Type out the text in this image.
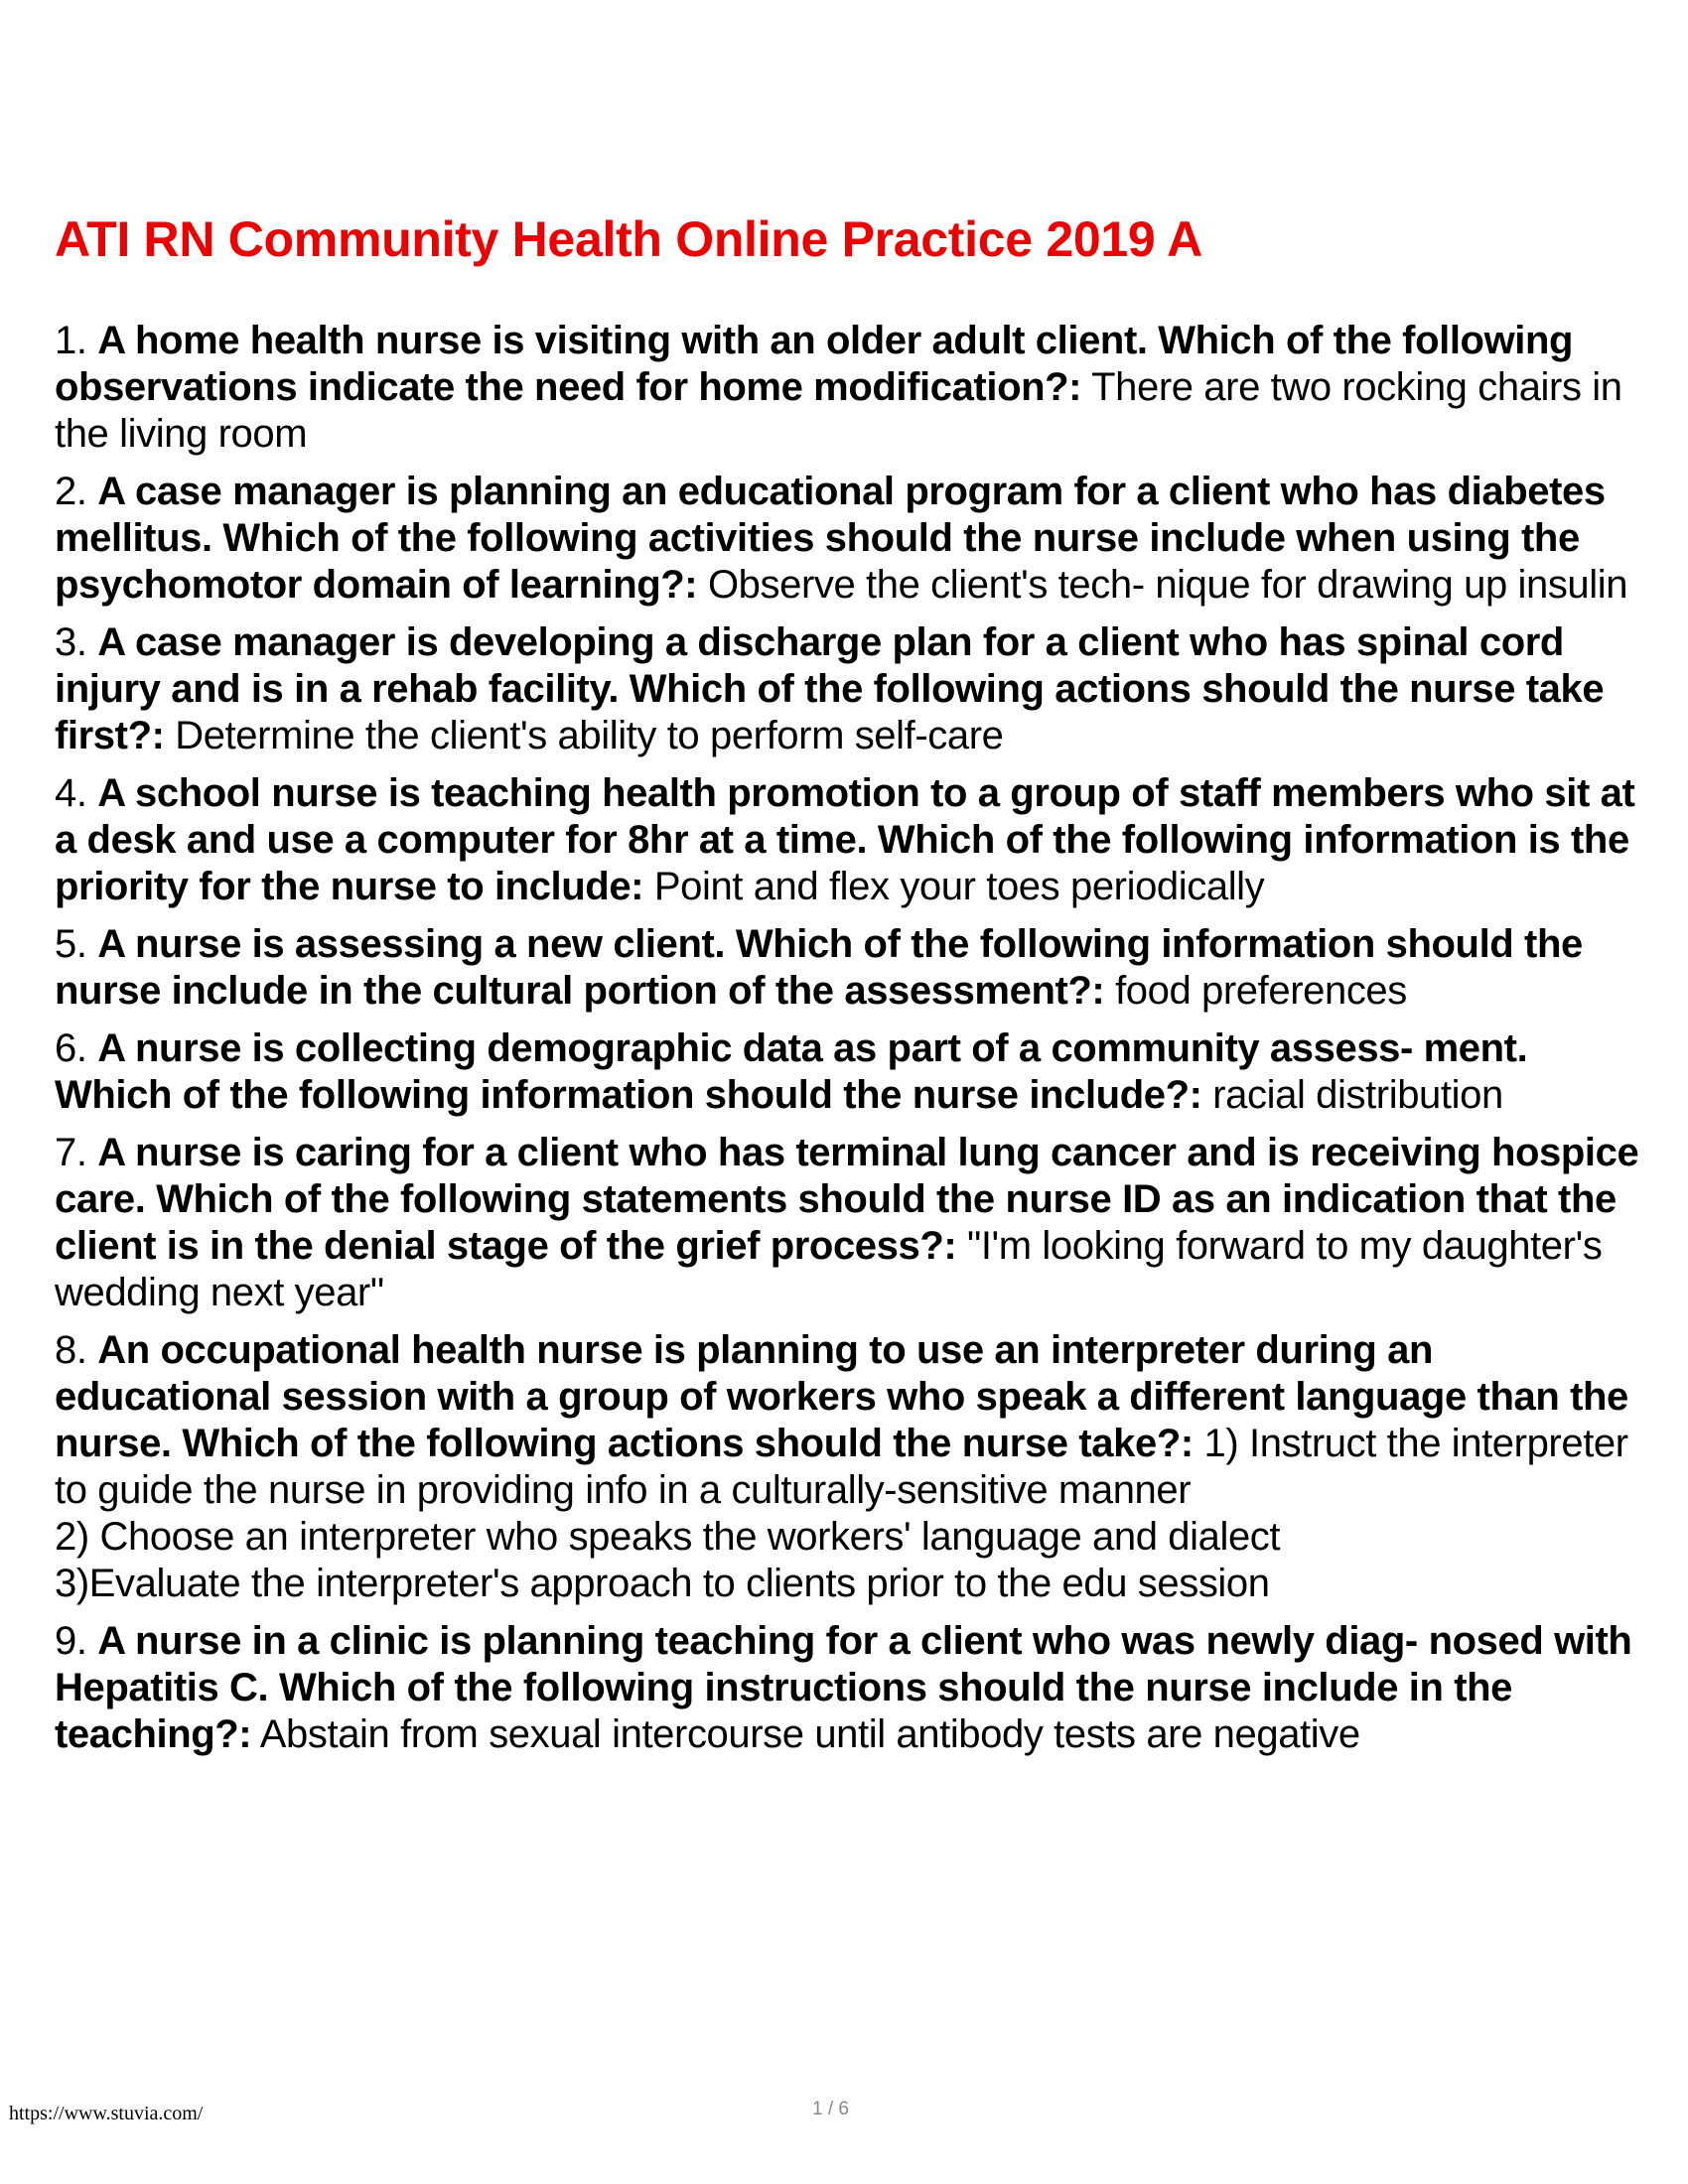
ATI RN Community Health Online Practice 2019 A
1. A home health nurse is visiting with an older adult client. Which of the following observations indicate the need for home modification?: There are two rocking chairs in the living room
2. A case manager is planning an educational program for a client who has diabetes mellitus. Which of the following activities should the nurse include when using the psychomotor domain of learning?: Observe the client's tech- nique for drawing up insulin
3. A case manager is developing a discharge plan for a client who has spinal cord injury and is in a rehab facility. Which of the following actions should the nurse take first?: Determine the client's ability to perform self-care
4. A school nurse is teaching health promotion to a group of staff members who sit at a desk and use a computer for 8hr at a time. Which of the following information is the priority for the nurse to include: Point and flex your toes periodically
5. A nurse is assessing a new client. Which of the following information should the nurse include in the cultural portion of the assessment?: food preferences
6. A nurse is collecting demographic data as part of a community assess- ment. Which of the following information should the nurse include?: racial distribution
7. A nurse is caring for a client who has terminal lung cancer and is receiving hospice care. Which of the following statements should the nurse ID as an indication that the client is in the denial stage of the grief process?: "I'm looking forward to my daughter's wedding next year"
8. An occupational health nurse is planning to use an interpreter during an educational session with a group of workers who speak a different language than the nurse. Which of the following actions should the nurse take?: 1) Instruct the interpreter to guide the nurse in providing info in a culturally-sensitive manner
2) Choose an interpreter who speaks the workers' language and dialect
3)Evaluate the interpreter's approach to clients prior to the edu session
9. A nurse in a clinic is planning teaching for a client who was newly diag- nosed with Hepatitis C. Which of the following instructions should the nurse include in the teaching?: Abstain from sexual intercourse until antibody tests are negative
https://www.stuvia.com/	1 / 6
